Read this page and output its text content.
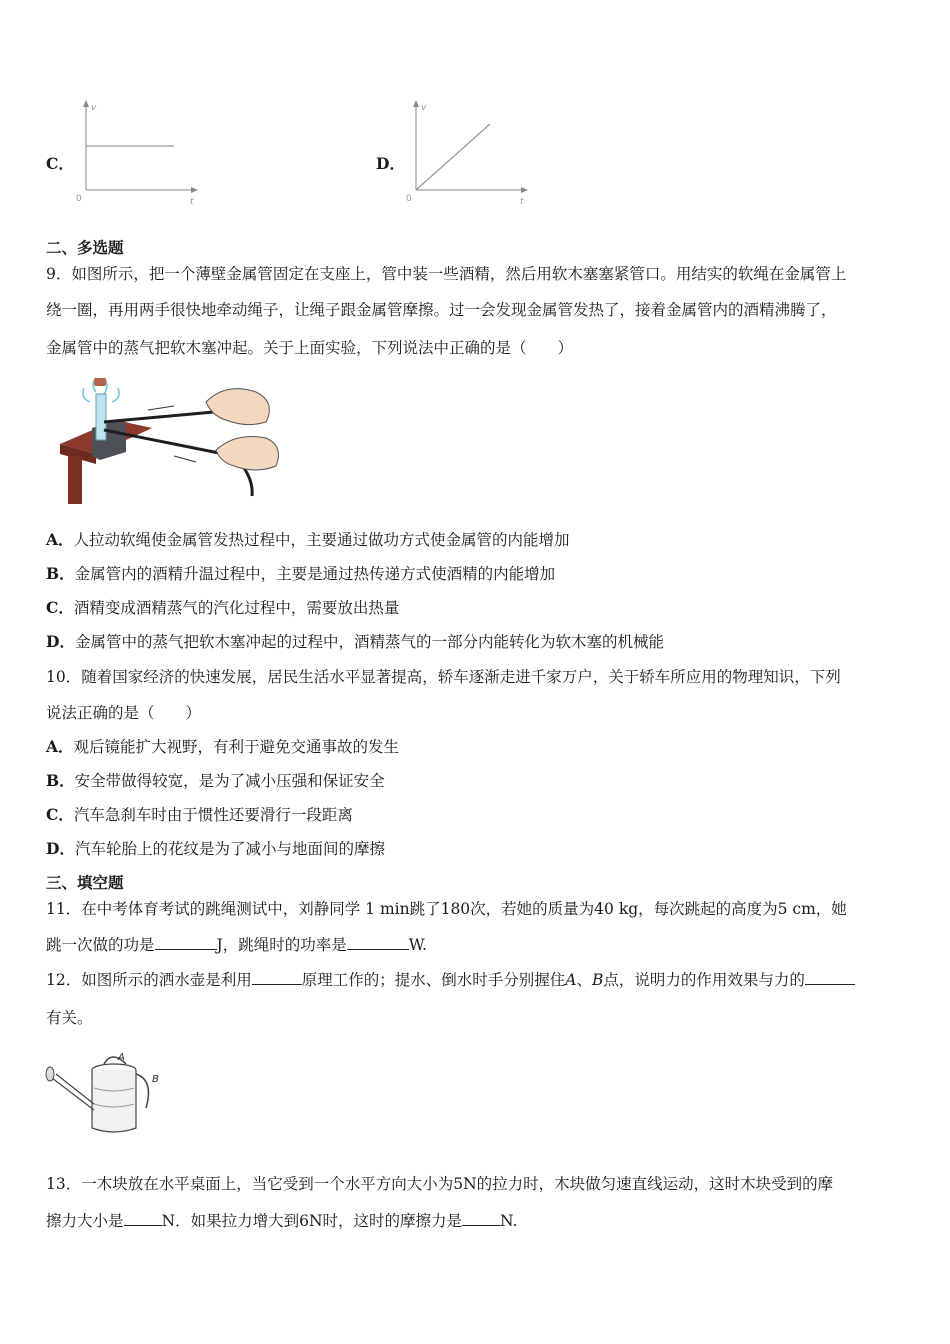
C．
v
t
0
D．
v
t
0
二、多选题
9．如图所示，把一个薄壁金属管固定在支座上，管中装一些酒精，然后用软木塞塞紧管口。用结实的软绳在金属管上
绕一圈，再用两手很快地牵动绳子，让绳子跟金属管摩擦。过一会发现金属管发热了，接着金属管内的酒精沸腾了，
金属管中的蒸气把软木塞冲起。关于上面实验，下列说法中正确的是（　　）
A．人拉动软绳使金属管发热过程中，主要通过做功方式使金属管的内能增加
B．金属管内的酒精升温过程中，主要是通过热传递方式使酒精的内能增加
C．酒精变成酒精蒸气的汽化过程中，需要放出热量
D．金属管中的蒸气把软木塞冲起的过程中，酒精蒸气的一部分内能转化为软木塞的机械能
10．随着国家经济的快速发展，居民生活水平显著提高，轿车逐渐走进千家万户，关于轿车所应用的物理知识，下列
说法正确的是（　　）
A．观后镜能扩大视野，有利于避免交通事故的发生
B．安全带做得较宽，是为了减小压强和保证安全
C．汽车急刹车时由于惯性还要滑行一段距离
D．汽车轮胎上的花纹是为了减小与地面间的摩擦
三、填空题
11．在中考体育考试的跳绳测试中，刘静同学 1 min跳了180次，若她的质量为40 kg，每次跳起的高度为5 cm，她
跳一次做的功是	J，跳绳时的功率是	W.
12．如图所示的洒水壶是利用	原理工作的；提水、倒水时手分别握住A、B点，说明力的作用效果与力的
有关。
A
B
13．一木块放在水平桌面上，当它受到一个水平方向大小为5N的拉力时，木块做匀速直线运动，这时木块受到的摩
擦力大小是 N．如果拉力增大到6N时，这时的摩擦力是 N.
